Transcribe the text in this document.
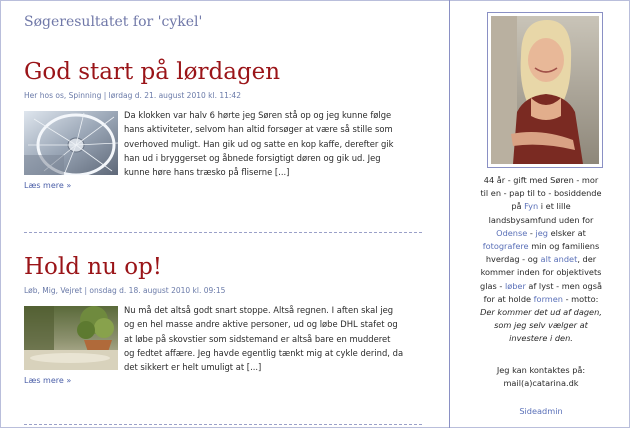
Søgeresultatet for 'cykel'
God start på lørdagen
Her hos os, Spinning | lørdag d. 21. august 2010 kl. 11:42

Da klokken var halv 6 hørte jeg Søren stå op og jeg kunne følge
hans aktiviteter, selvom han altid forsøger at være så stille som
overhoved muligt. Han gik ud og satte en kop kaffe, derefter gik
han ud i bryggerset og åbnede forsigtigt døren og gik ud. Jeg
kunne høre hans træsko på fliserne [...]

Læs mere »
Hold nu op!
Løb, Mig, Vejret | onsdag d. 18. august 2010 kl. 09:15

Nu må det altså godt snart stoppe. Altså regnen. I aften skal jeg
og en hel masse andre aktive personer, ud og løbe DHL stafet og
at løbe på skovstier som sidstemand er altså bare en mudderet
og fedtet affære. Jeg havde egentlig tænkt mig at cykle derind, da
det sikkert er helt umuligt at [...]

Læs mere »

44 år - gift med Søren - mor
til en - pap til to - bosiddende
på Fyn i et lille
landsbysamfund uden for
Odense - jeg elsker at
fotografere min og familiens
hverdag - og alt andet, der
kommer inden for objektivets
glas - løber af lyst - men også
for at holde formen - motto:
Der kommer det ud af dagen,
som jeg selv vælger at
investere i den.

Jeg kan kontaktes på:
mail(a)catarina.dk
Sideadmin
